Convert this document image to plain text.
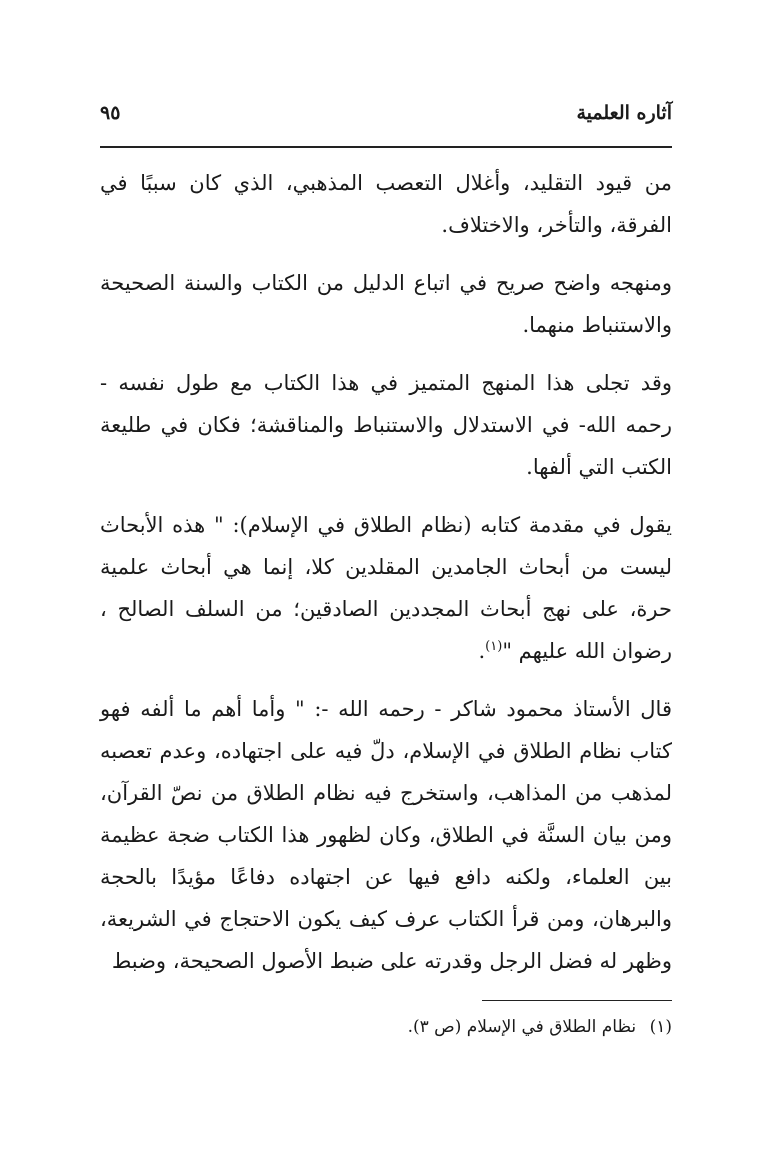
آثاره العلمية
٩٥

من قيود التقليد، وأغلال التعصب المذهبي، الذي كان سببًا في الفرقة، والتأخر، والاختلاف.

ومنهجه واضح صريح في اتباع الدليل من الكتاب والسنة الصحيحة والاستنباط منهما.

وقد تجلى هذا المنهج المتميز في هذا الكتاب مع طول نفسه - رحمه الله- في الاستدلال والاستنباط والمناقشة؛ فكان في طليعة الكتب التي ألفها.

يقول في مقدمة كتابه (نظام الطلاق في الإسلام): " هذه الأبحاث ليست من أبحاث الجامدين المقلدين كلا، إنما هي أبحاث علمية حرة، على نهج أبحاث المجددين الصادقين؛ من السلف الصالح ، رضوان الله عليهم "$^{(١)}$.

قال الأستاذ محمود شاكر - رحمه الله -: " وأما أهم ما ألفه فهو كتاب نظام الطلاق في الإسلام، دلّ فيه على اجتهاده، وعدم تعصبه لمذهب من المذاهب، واستخرج فيه نظام الطلاق من نصّ القرآن، ومن بيان السنَّة في الطلاق، وكان لظهور هذا الكتاب ضجة عظيمة بين العلماء، ولكنه دافع فيها عن اجتهاده دفاعًا مؤيدًا بالحجة والبرهان، ومن قرأ الكتاب عرف كيف يكون الاحتجاج في الشريعة، وظهر له فضل الرجل وقدرته على ضبط الأصول الصحيحة، وضبط

(١) نظام الطلاق في الإسلام (ص ٣).
